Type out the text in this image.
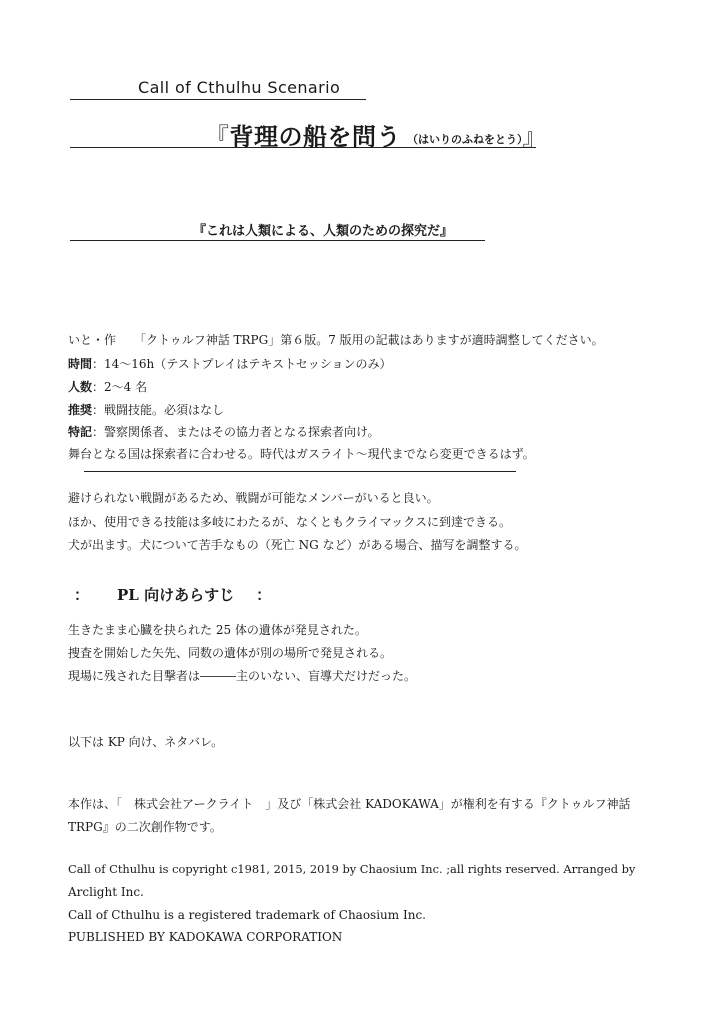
Call of Cthulhu Scenario
『背理の船を問う （はいりのふねをとう）』
『これは人類による、人類のための探究だ』
いと・作　　「クトゥルフ神話 TRPG」第６版。7 版用の記載はありますが適時調整してください。
時間：14〜16h（テストプレイはテキストセッションのみ）
人数：2〜4 名
推奨：戦闘技能。必須はなし
特記：警察関係者、またはその協力者となる探索者向け。
舞台となる国は探索者に合わせる。時代はガスライト〜現代までなら変更できるはず。
避けられない戦闘があるため、戦闘が可能なメンバーがいると良い。
ほか、使用できる技能は多岐にわたるが、なくともクライマックスに到達できる。
犬が出ます。犬について苦手なもの（死亡 NG など）がある場合、描写を調整する。
： PL 向けあらすじ ：
生きたまま心臓を抉られた 25 体の遺体が発見された。
捜査を開始した矢先、同数の遺体が別の場所で発見される。
現場に残された目撃者は―――主のいない、盲導犬だけだった。
以下は KP 向け、ネタバレ。
本作は、「　株式会社アークライト　」及び「株式会社 KADOKAWA」が権利を有する『クトゥルフ神話
TRPG』の二次創作物です。
Call of Cthulhu is copyright c1981, 2015, 2019 by Chaosium Inc. ;all rights reserved. Arranged by
Arclight Inc.
Call of Cthulhu is a registered trademark of Chaosium Inc.
PUBLISHED BY KADOKAWA CORPORATION
